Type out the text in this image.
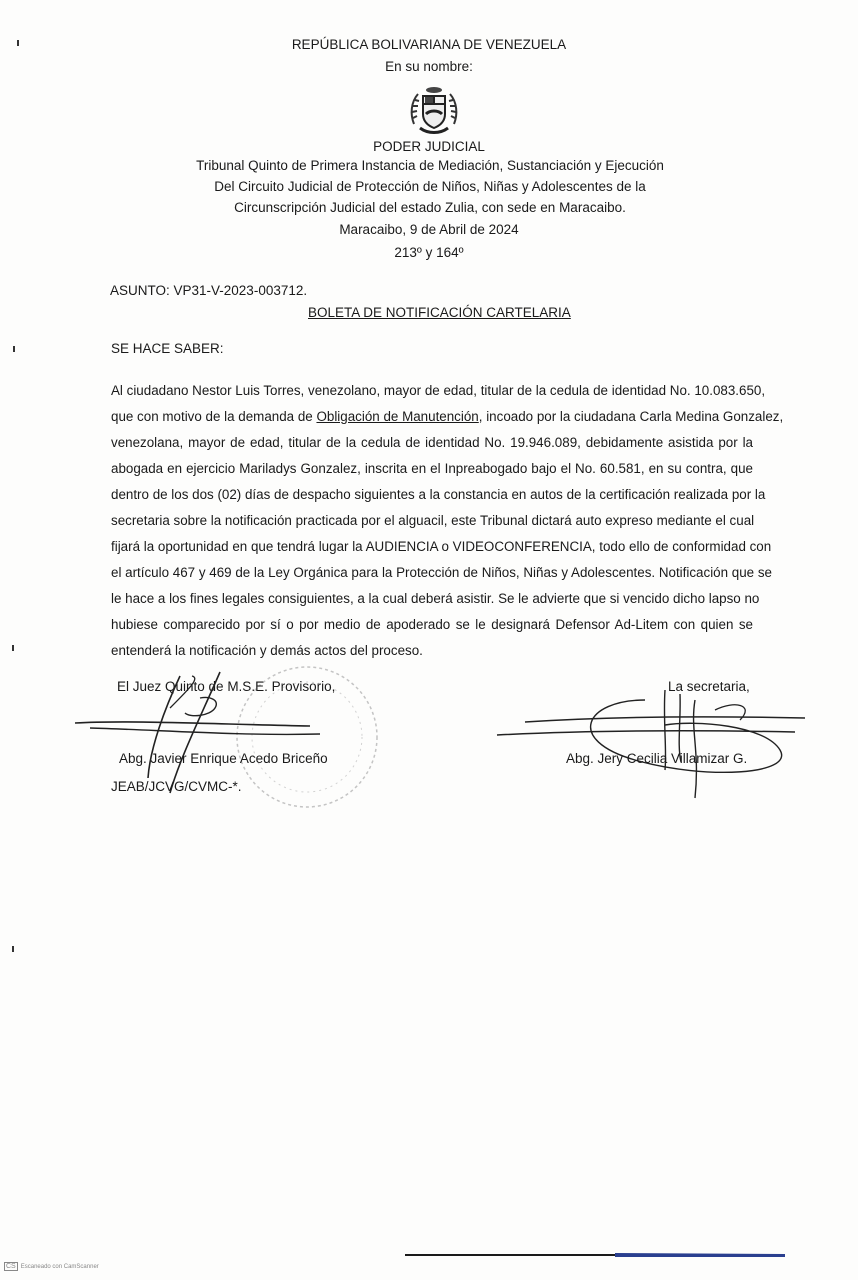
REPÚBLICA BOLIVARIANA DE VENEZUELA
En su nombre:
PODER JUDICIAL
Tribunal Quinto de Primera Instancia de Mediación, Sustanciación y Ejecución
Del Circuito Judicial de Protección de Niños, Niñas y Adolescentes de la
Circunscripción Judicial del estado Zulia, con sede en Maracaibo.
Maracaibo, 9 de Abril de 2024
213º y 164º
ASUNTO: VP31-V-2023-003712.
BOLETA DE NOTIFICACIÓN CARTELARIA
SE HACE SABER:
Al ciudadano Nestor Luis Torres, venezolano, mayor de edad, titular de la cedula de identidad No. 10.083.650,
que con motivo de la demanda de Obligación de Manutención, incoado por la ciudadana Carla Medina Gonzalez,
venezolana, mayor de edad, titular de la cedula de identidad No. 19.946.089, debidamente asistida por la
abogada en ejercicio Mariladys Gonzalez, inscrita en el Inpreabogado bajo el No. 60.581, en su contra, que
dentro de los dos (02) días de despacho siguientes a la constancia en autos de la certificación realizada por la
secretaria sobre la notificación practicada por el alguacil, este Tribunal dictará auto expreso mediante el cual
fijará la oportunidad en que tendrá lugar la AUDIENCIA o VIDEOCONFERENCIA, todo ello de conformidad con
el artículo 467 y 469 de la Ley Orgánica para la Protección de Niños, Niñas y Adolescentes. Notificación que se
le hace a los fines legales consiguientes, a la cual deberá asistir. Se le advierte que si vencido dicho lapso no
hubiese comparecido por sí o por medio de apoderado se le designará Defensor Ad-Litem con quien se
entenderá la notificación y demás actos del proceso.
El Juez Quinto de M.S.E. Provisorio,
Abg. Javier Enrique Acedo Briceño
JEAB/JCVG/CVMC-*.
La secretaria,
Abg. Jery Cecilia Villamizar G.
CS Escaneado con CamScanner
